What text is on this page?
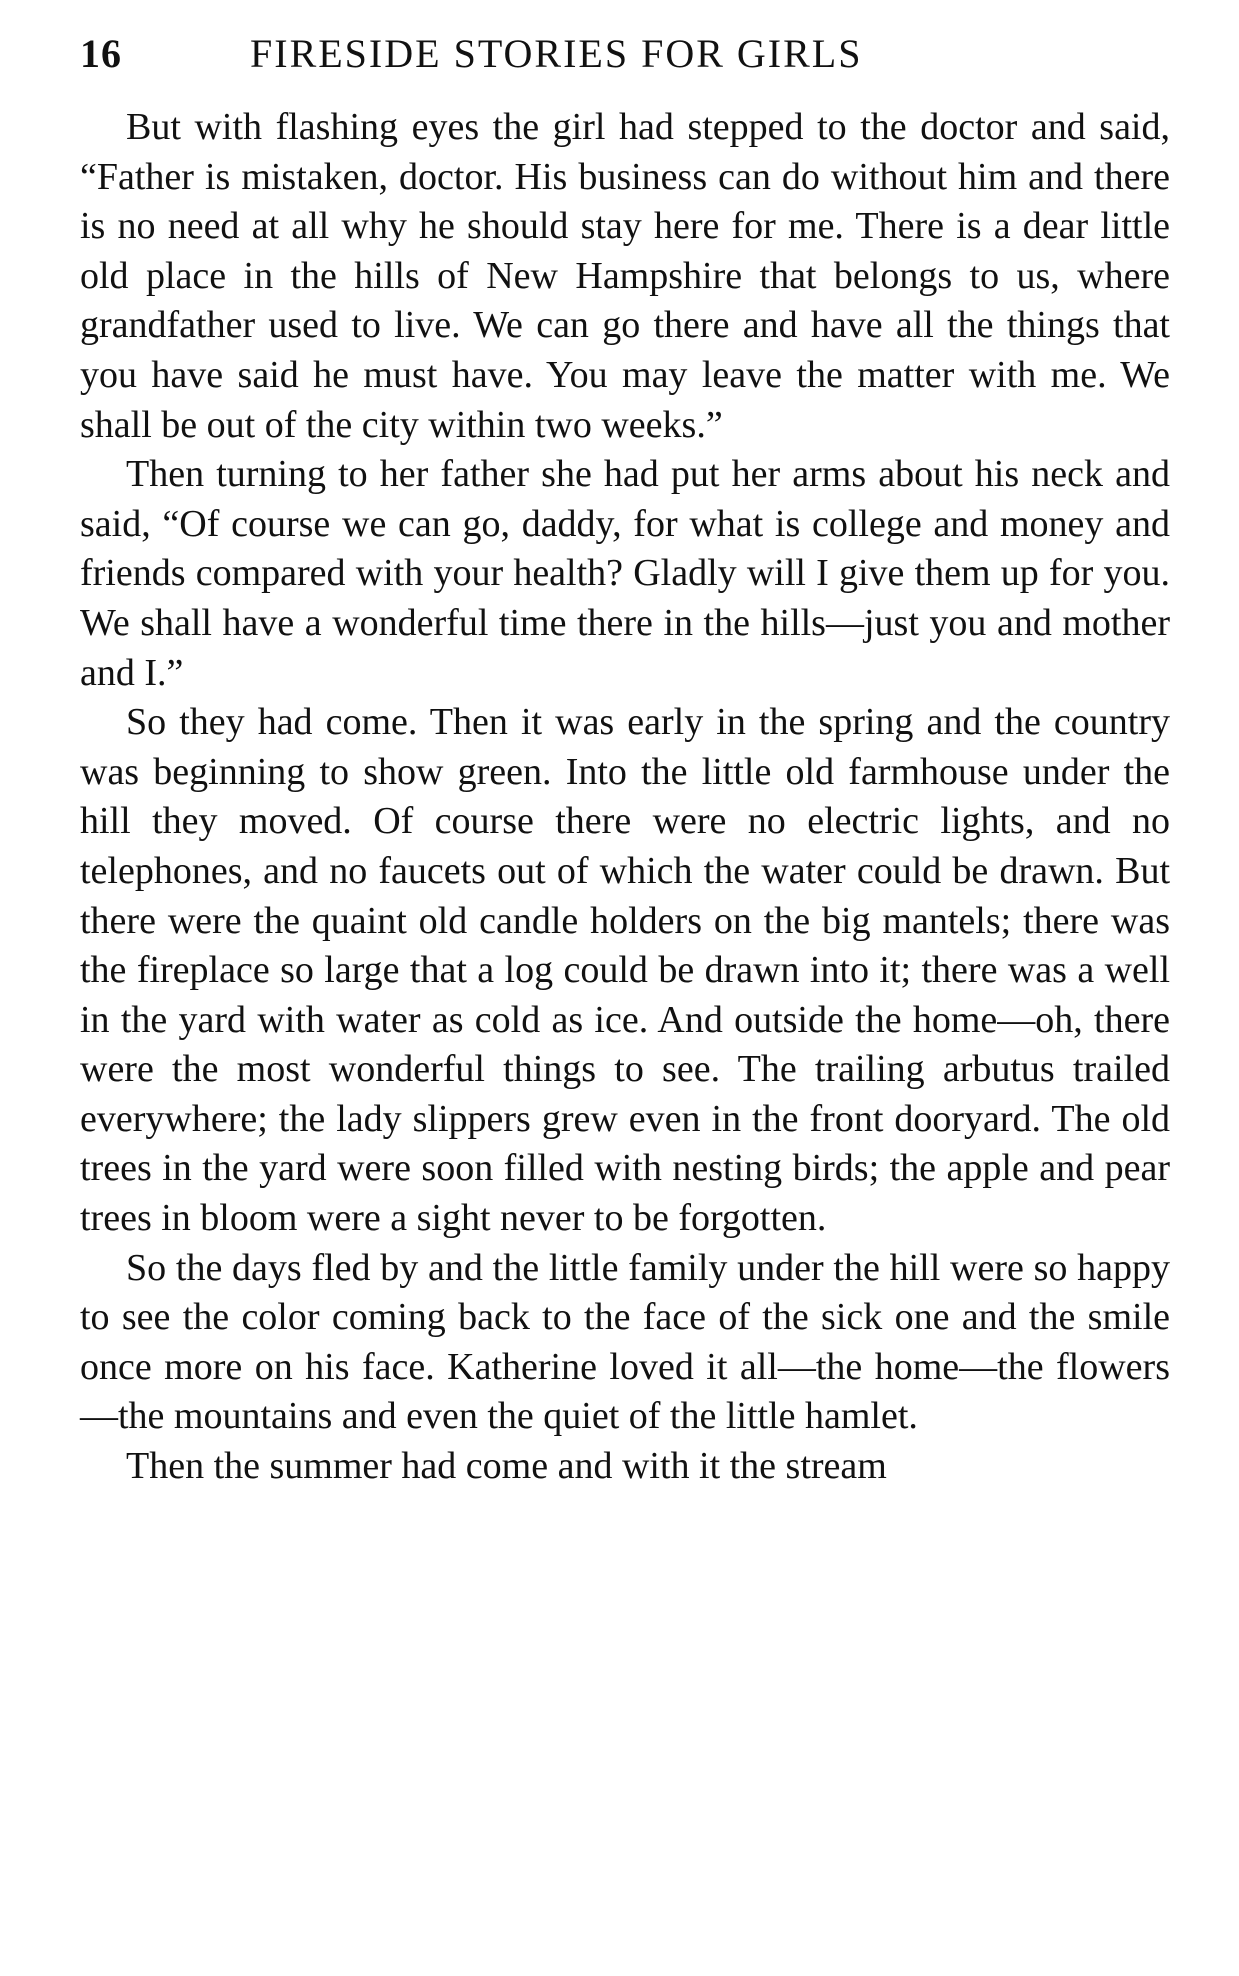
16	FIRESIDE STORIES FOR GIRLS

But with flashing eyes the girl had stepped to the doctor and said, “Father is mistaken, doctor. His business can do without him and there is no need at all why he should stay here for me. There is a dear little old place in the hills of New Hampshire that belongs to us, where grandfather used to live. We can go there and have all the things that you have said he must have. You may leave the matter with me. We shall be out of the city within two weeks.”

Then turning to her father she had put her arms about his neck and said, “Of course we can go, daddy, for what is college and money and friends compared with your health? Gladly will I give them up for you. We shall have a wonderful time there in the hills—just you and mother and I.”

So they had come. Then it was early in the spring and the country was beginning to show green. Into the little old farmhouse under the hill they moved. Of course there were no electric lights, and no telephones, and no faucets out of which the water could be drawn. But there were the quaint old candle holders on the big mantels; there was the fireplace so large that a log could be drawn into it; there was a well in the yard with water as cold as ice. And outside the home—oh, there were the most wonderful things to see. The trailing arbutus trailed everywhere; the lady slippers grew even in the front dooryard. The old trees in the yard were soon filled with nesting birds; the apple and pear trees in bloom were a sight never to be forgotten.

So the days fled by and the little family under the hill were so happy to see the color coming back to the face of the sick one and the smile once more on his face. Katherine loved it all—the home—the flowers—the mountains and even the quiet of the little hamlet.

Then the summer had come and with it the stream
